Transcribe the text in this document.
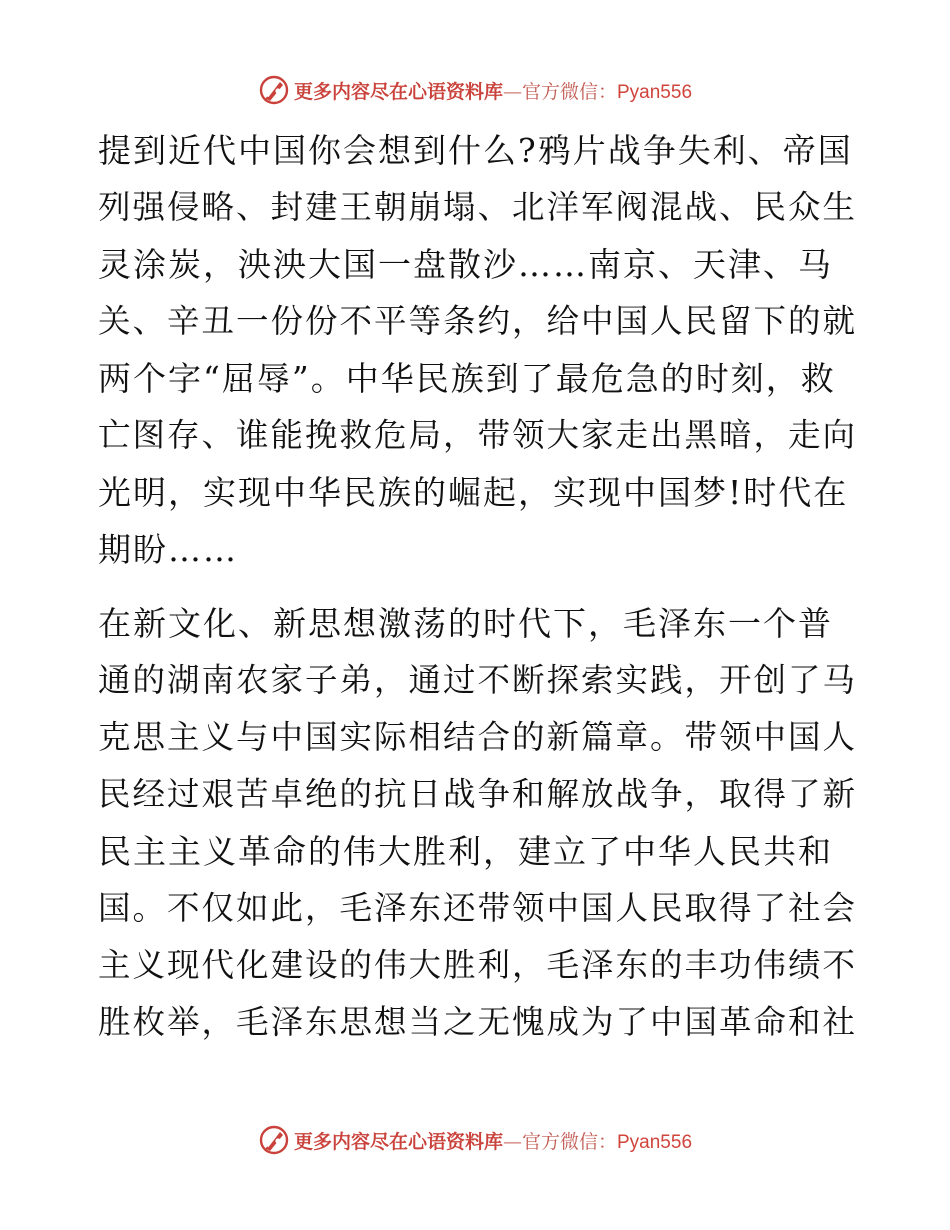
更多内容尽在心语资料库—官方微信：Pyan556
提到近代中国你会想到什么?鸦片战争失利、帝国
列强侵略、封建王朝崩塌、北洋军阀混战、民众生
灵涂炭，泱泱大国一盘散沙……南京、天津、马
关、辛丑一份份不平等条约，给中国人民留下的就
两个字“屈辱”。中华民族到了最危急的时刻，救
亡图存、谁能挽救危局，带领大家走出黑暗，走向
光明，实现中华民族的崛起，实现中国梦!时代在
期盼……
在新文化、新思想激荡的时代下，毛泽东一个普
通的湖南农家子弟，通过不断探索实践，开创了马
克思主义与中国实际相结合的新篇章。带领中国人
民经过艰苦卓绝的抗日战争和解放战争，取得了新
民主主义革命的伟大胜利，建立了中华人民共和
国。不仅如此，毛泽东还带领中国人民取得了社会
主义现代化建设的伟大胜利，毛泽东的丰功伟绩不
胜枚举，毛泽东思想当之无愧成为了中国革命和社
更多内容尽在心语资料库—官方微信：Pyan556
